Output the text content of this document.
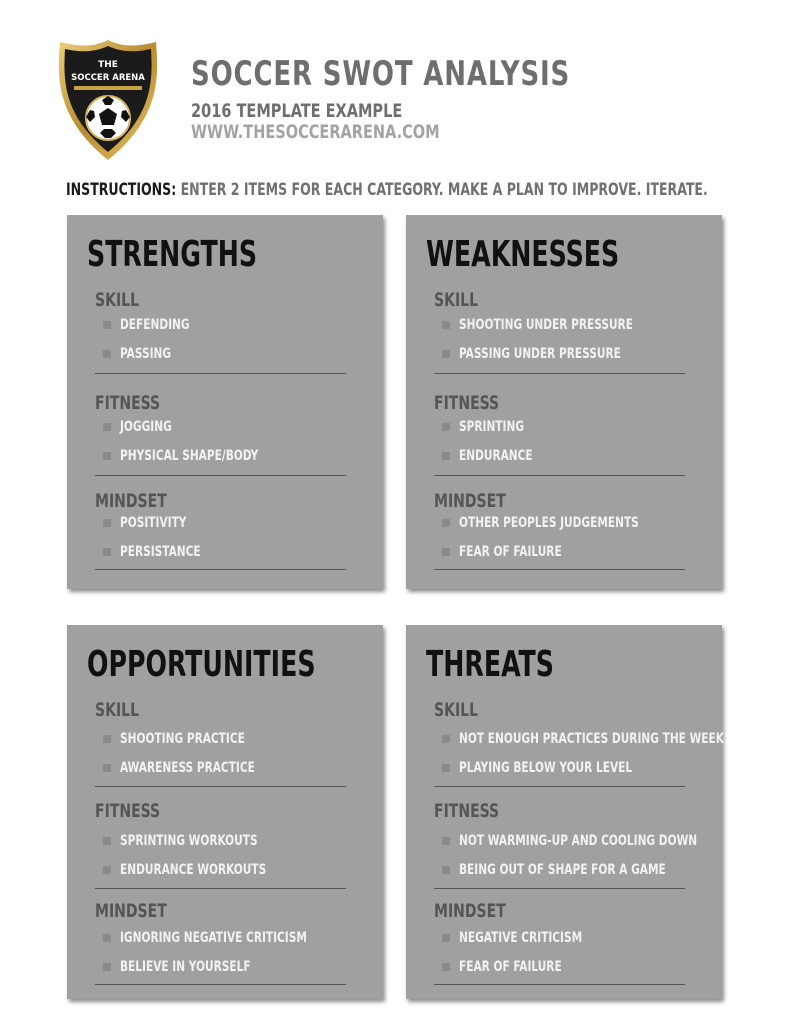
THE
SOCCER ARENA SOCCER SWOT ANALYSIS
2016 TEMPLATE EXAMPLE
WWW.THESOCCERARENA.COM
INSTRUCTIONS: ENTER 2 ITEMS FOR EACH CATEGORY. MAKE A PLAN TO IMPROVE. ITERATE.
STRENGTHS
SKILL
DEFENDING
PASSING
FITNESS
JOGGING
PHYSICAL SHAPE/BODY
MINDSET
POSITIVITY
PERSISTANCE
WEAKNESSES
SKILL
SHOOTING UNDER PRESSURE
PASSING UNDER PRESSURE
FITNESS
SPRINTING
ENDURANCE
MINDSET
OTHER PEOPLES JUDGEMENTS
FEAR OF FAILURE
OPPORTUNITIES
SKILL
SHOOTING PRACTICE
AWARENESS PRACTICE
FITNESS
SPRINTING WORKOUTS
ENDURANCE WORKOUTS
MINDSET
IGNORING NEGATIVE CRITICISM
BELIEVE IN YOURSELF
THREATS
SKILL
NOT ENOUGH PRACTICES DURING THE WEEK
PLAYING BELOW YOUR LEVEL
FITNESS
NOT WARMING-UP AND COOLING DOWN
BEING OUT OF SHAPE FOR A GAME
MINDSET
NEGATIVE CRITICISM
FEAR OF FAILURE
